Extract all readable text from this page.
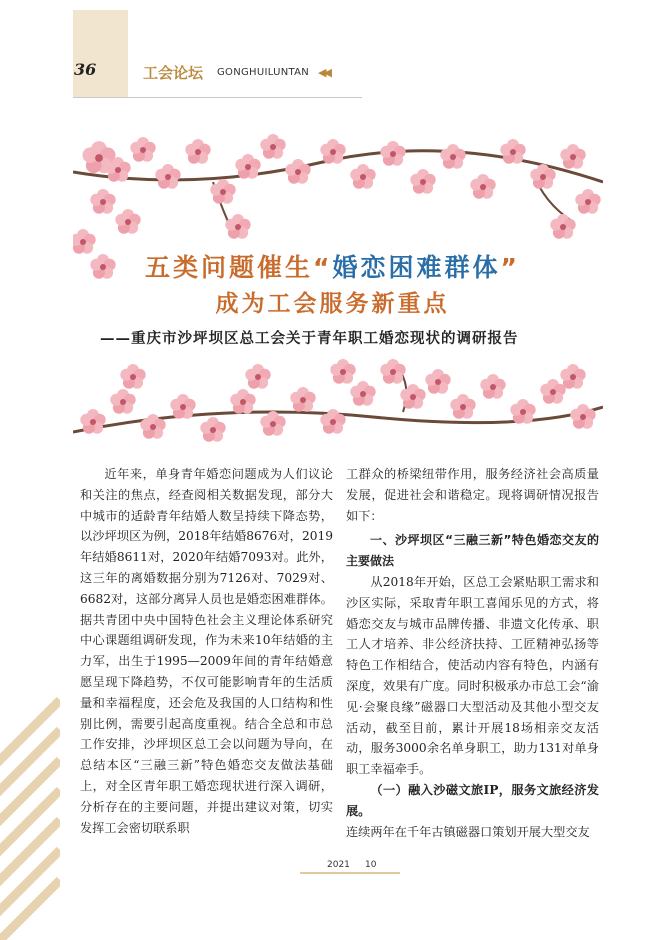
36	工会论坛 GONGHUILUNTAN ◀◀
五类问题催生“婚恋困难群体”
成为工会服务新重点
——重庆市沙坪坝区总工会关于青年职工婚恋现状的调研报告

近年来，单身青年婚恋问题成为人们议论和关注的焦点，经查阅相关数据发现，部分大中城市的适龄青年结婚人数呈持续下降态势，以沙坪坝区为例，2018年结婚8676对，2019年结婚8611对，2020年结婚7093对。此外，这三年的离婚数据分别为7126对、7029对、6682对，这部分离异人员也是婚恋困难群体。据共青团中央中国特色社会主义理论体系研究中心课题组调研发现，作为未来10年结婚的主力军，出生于1995—2009年间的青年结婚意愿呈现下降趋势，不仅可能影响青年的生活质量和幸福程度，还会危及我国的人口结构和性别比例，需要引起高度重视。结合全总和市总工作安排，沙坪坝区总工会以问题为导向，在总结本区“三融三新”特色婚恋交友做法基础上，对全区青年职工婚恋现状进行深入调研，分析存在的主要问题，并提出建议对策，切实发挥工会密切联系职

工群众的桥梁纽带作用，服务经济社会高质量发展，促进社会和谐稳定。现将调研情况报告如下：

一、沙坪坝区“三融三新”特色婚恋交友的主要做法

从2018年开始，区总工会紧贴职工需求和沙区实际，采取青年职工喜闻乐见的方式，将婚恋交友与城市品牌传播、非遗文化传承、职工人才培养、非公经济扶持、工匠精神弘扬等特色工作相结合，使活动内容有特色，内涵有深度，效果有广度。同时积极承办市总工会“渝见·会聚良缘”磁器口大型活动及其他小型交友活动，截至目前，累计开展18场相亲交友活动，服务3000余名单身职工，助力131对单身职工幸福牵手。

（一）融入沙磁文旅IP，服务文旅经济发展。

连续两年在千年古镇磁器口策划开展大型交友

2021 10
